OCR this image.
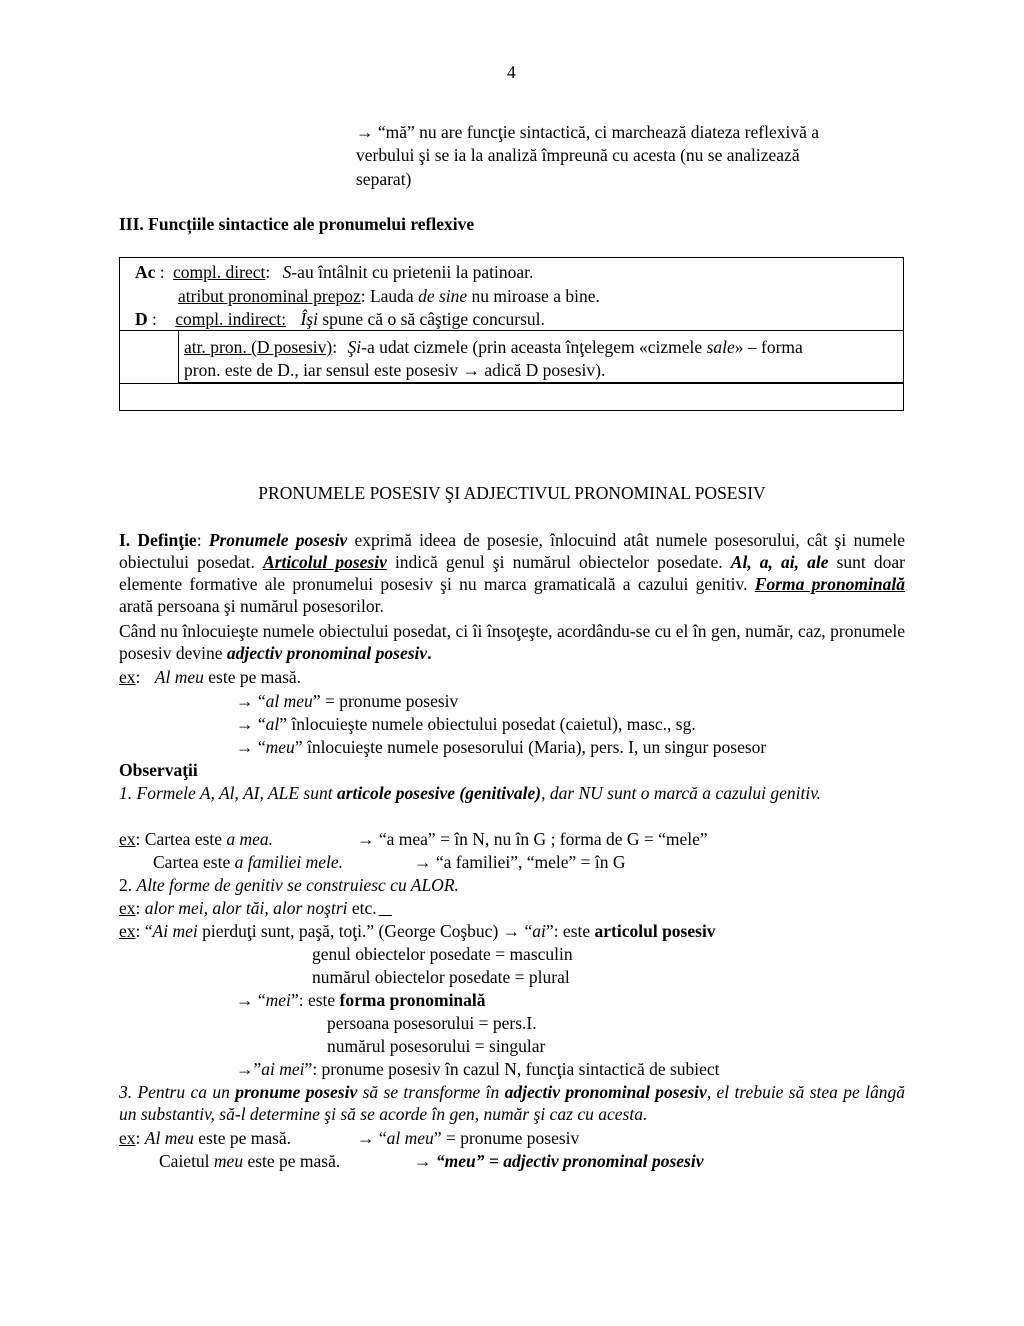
4
→ “mă” nu are funcţie sintactică, ci marchează diateza reflexivă a
verbului şi se ia la analiză împreună cu acesta (nu se analizează
separat)
III. Funcțiile sintactice ale pronumelui reflexive
Ac : compl. direct: S-au întâlnit cu prietenii la patinoar.
atribut pronominal prepoz: Lauda de sine nu miroase a bine.
D : compl. indirect: Îşi spune că o să câştige concursul.
atr. pron. (D posesiv): Şi-a udat cizmele (prin aceasta înţelegem «cizmele sale» – forma
pron. este de D., iar sensul este posesiv → adică D posesiv).
PRONUMELE POSESIV ŞI ADJECTIVUL PRONOMINAL POSESIV
I. Definţie: Pronumele posesiv exprimă ideea de posesie, înlocuind atât numele posesorului, cât şi numele obiectului posedat. Articolul posesiv indică genul şi numărul obiectelor posedate. Al, a, ai, ale sunt doar elemente formative ale pronumelui posesiv şi nu marca gramaticală a cazului genitiv. Forma pronominală arată persoana şi numărul posesorilor.
Când nu înlocuieşte numele obiectului posedat, ci îi însoţeşte, acordându-se cu el în gen, număr, caz, pronumele posesiv devine adjectiv pronominal posesiv.
ex: Al meu este pe masă.
→ “al meu” = pronume posesiv
→ “al” înlocuieşte numele obiectului posedat (caietul), masc., sg.
→ “meu” înlocuieşte numele posesorului (Maria), pers. I, un singur posesor
Observaţii
1. Formele A, Al, AI, ALE sunt articole posesive (genitivale), dar NU sunt o marcă a cazului genitiv.
ex: Cartea este a mea.	→ “a mea” = în N, nu în G ; forma de G = “mele”
Cartea este a familiei mele.	→ “a familiei”, “mele” = în G
2. Alte forme de genitiv se construiesc cu ALOR.
ex: alor mei, alor tăi, alor noştri etc.
ex: “Ai mei pierduţi sunt, paşă, toţi.” (George Coşbuc) → “ai”: este articolul posesiv
genul obiectelor posedate = masculin
numărul obiectelor posedate = plural
→ “mei”: este forma pronominală
persoana posesorului = pers.I.
numărul posesorului = singular
→”ai mei”: pronume posesiv în cazul N, funcţia sintactică de subiect
3. Pentru ca un pronume posesiv să se transforme în adjectiv pronominal posesiv, el trebuie să stea pe lângă un substantiv, să-l determine şi să se acorde în gen, număr şi caz cu acesta.
ex: Al meu este pe masă.	→ “al meu” = pronume posesiv
Caietul meu este pe masă.	→ “meu” = adjectiv pronominal posesiv
